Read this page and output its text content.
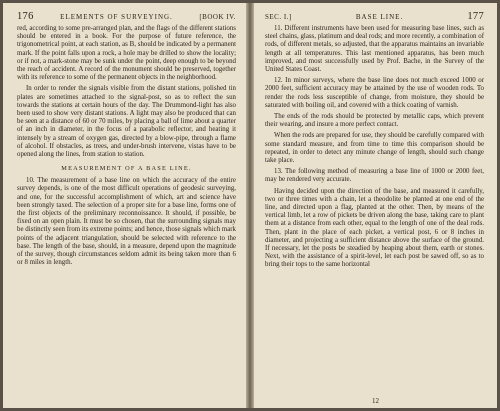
176	ELEMENTS OF SURVEYING.	[BOOK IV.

red, according to some pre-arranged plan, and the flags of the different stations should be entered in a book. For the purpose of future reference, the trigonometrical point, at each station, as B, should be indicated by a permanent mark. If the point falls upon a rock, a hole may be drilled to show the locality; or if not, a mark-stone may be sunk under the point, deep enough to be beyond the reach of accident. A record of the monument should be preserved, together with its reference to some of the permanent objects in the neighborhood.

In order to render the signals visible from the distant stations, polished tin plates are sometimes attached to the signal-post, so as to reflect the sun towards the stations at certain hours of the day. The Drummond-light has also been used to show very distant stations. A light may also be produced that can be seen at a distance of 60 or 70 miles, by placing a ball of lime about a quarter of an inch in diameter, in the focus of a parabolic reflector, and heating it intensely by a stream of oxygen gas, directed by a blow-pipe, through a flame of alcohol. If obstacles, as trees, and under-brush intervene, vistas have to be opened along the lines, from station to station.

MEASUREMENT OF A BASE LINE.

10. The measurement of a base line on which the accuracy of the entire survey depends, is one of the most difficult operations of geodesic surveying, and one, for the successful accomplishment of which, art and science have been strongly taxed. The selection of a proper site for a base line, forms one of the first objects of the preliminary reconnoissance. It should, if possible, be fixed on an open plain. It must be so chosen, that the surrounding signals may be distinctly seen from its extreme points; and hence, those signals which mark points of the adjacent triangulation, should be selected with reference to the base. The length of the base, should, in a measure, depend upon the magnitude of the survey, though circumstances seldom admit its being taken more than 6 or 8 miles in length.

SEC. I.]	BASE LINE.	177

11. Different instruments have been used for measuring base lines, such as steel chains, glass, platinum and deal rods; and more recently, a combination of rods, of different metals, so adjusted, that the apparatus maintains an invariable length at all temperatures. This last mentioned apparatus, has been much improved, and most successfully used by Prof. Bache, in the Survey of the United States Coast.

12. In minor surveys, where the base line does not much exceed 1000 or 2000 feet, sufficient accuracy may be attained by the use of wooden rods. To render the rods less susceptible of change, from moisture, they should be saturated with boiling oil, and covered with a thick coating of varnish.

The ends of the rods should be protected by metallic caps, which prevent their wearing, and insure a more perfect contact.

When the rods are prepared for use, they should be carefully compared with some standard measure, and from time to time this comparison should be repeated, in order to detect any minute change of length, should such change take place.

13. The following method of measuring a base line of 1000 or 2000 feet, may be rendered very accurate.

Having decided upon the direction of the base, and measured it carefully, two or three times with a chain, let a theodolite be planted at one end of the line, and directed upon a flag, planted at the other. Then, by means of the vertical limb, let a row of pickets be driven along the base, taking care to plant them at a distance from each other, equal to the length of one of the deal rods. Then, plant in the place of each picket, a vertical post, 6 or 8 inches in diameter, and projecting a sufficient distance above the surface of the ground. If necessary, let the posts be steadied by heaping about them, earth or stones. Next, with the assistance of a spirit-level, let each post be sawed off, so as to bring their tops to the same horizontal

12
